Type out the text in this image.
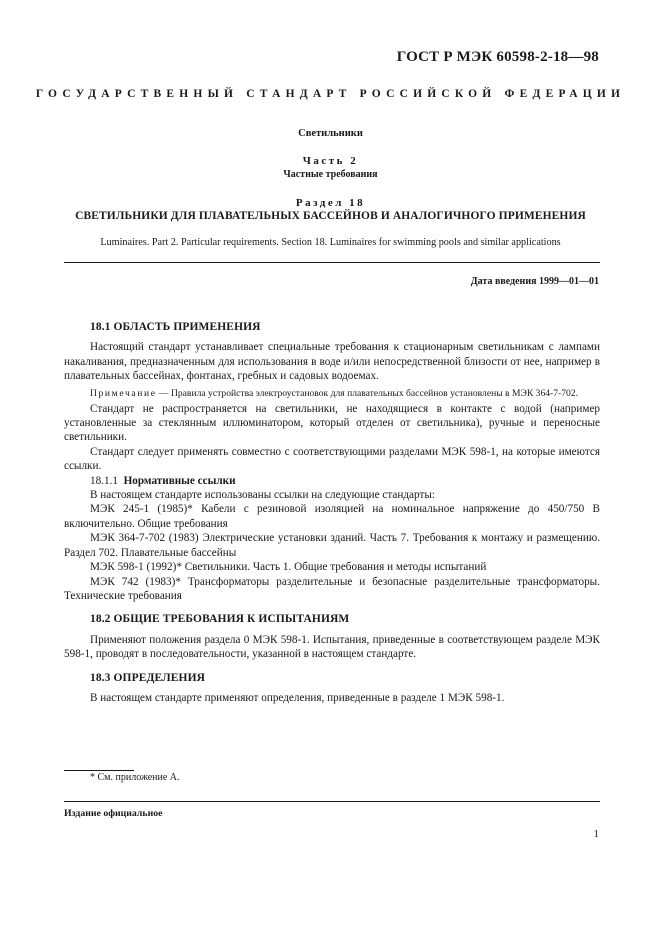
ГОСТ Р МЭК 60598-2-18—98
ГОСУДАРСТВЕННЫЙ СТАНДАРТ РОССИЙСКОЙ ФЕДЕРАЦИИ
Светильники
Часть 2
Частные требования
Раздел 18
СВЕТИЛЬНИКИ ДЛЯ ПЛАВАТЕЛЬНЫХ БАССЕЙНОВ И АНАЛОГИЧНОГО ПРИМЕНЕНИЯ
Luminaires. Part 2. Particular requirements. Section 18. Luminaires for swimming pools and similar applications
Дата введения 1999—01—01
18.1 ОБЛАСТЬ ПРИМЕНЕНИЯ

Настоящий стандарт устанавливает специальные требования к стационарным светильникам с лампами накаливания, предназначенным для использования в воде и/или непосредственной близости от нее, например в плавательных бассейнах, фонтанах, гребных и садовых водоемах.

Примечание — Правила устройства электроустановок для плавательных бассейнов установлены в МЭК 364-7-702.

Стандарт не распространяется на светильники, не находящиеся в контакте с водой (например установленные за стеклянным иллюминатором, который отделен от светильника), ручные и переносные светильники.

Стандарт следует применять совместно с соответствующими разделами МЭК 598-1, на которые имеются ссылки.

18.1.1 Нормативные ссылки

В настоящем стандарте использованы ссылки на следующие стандарты:

МЭК 245-1 (1985)* Кабели с резиновой изоляцией на номинальное напряжение до 450/750 В включительно. Общие требования

МЭК 364-7-702 (1983) Электрические установки зданий. Часть 7. Требования к монтажу и размещению. Раздел 702. Плавательные бассейны

МЭК 598-1 (1992)* Светильники. Часть 1. Общие требования и методы испытаний

МЭК 742 (1983)* Трансформаторы разделительные и безопасные разделительные трансформаторы. Технические требования

18.2 ОБЩИЕ ТРЕБОВАНИЯ К ИСПЫТАНИЯМ

Применяют положения раздела 0 МЭК 598-1. Испытания, приведенные в соответствующем разделе МЭК 598-1, проводят в последовательности, указанной в настоящем стандарте.

18.3 ОПРЕДЕЛЕНИЯ

В настоящем стандарте применяют определения, приведенные в разделе 1 МЭК 598-1.

* См. приложение А.
Издание официальное
1
